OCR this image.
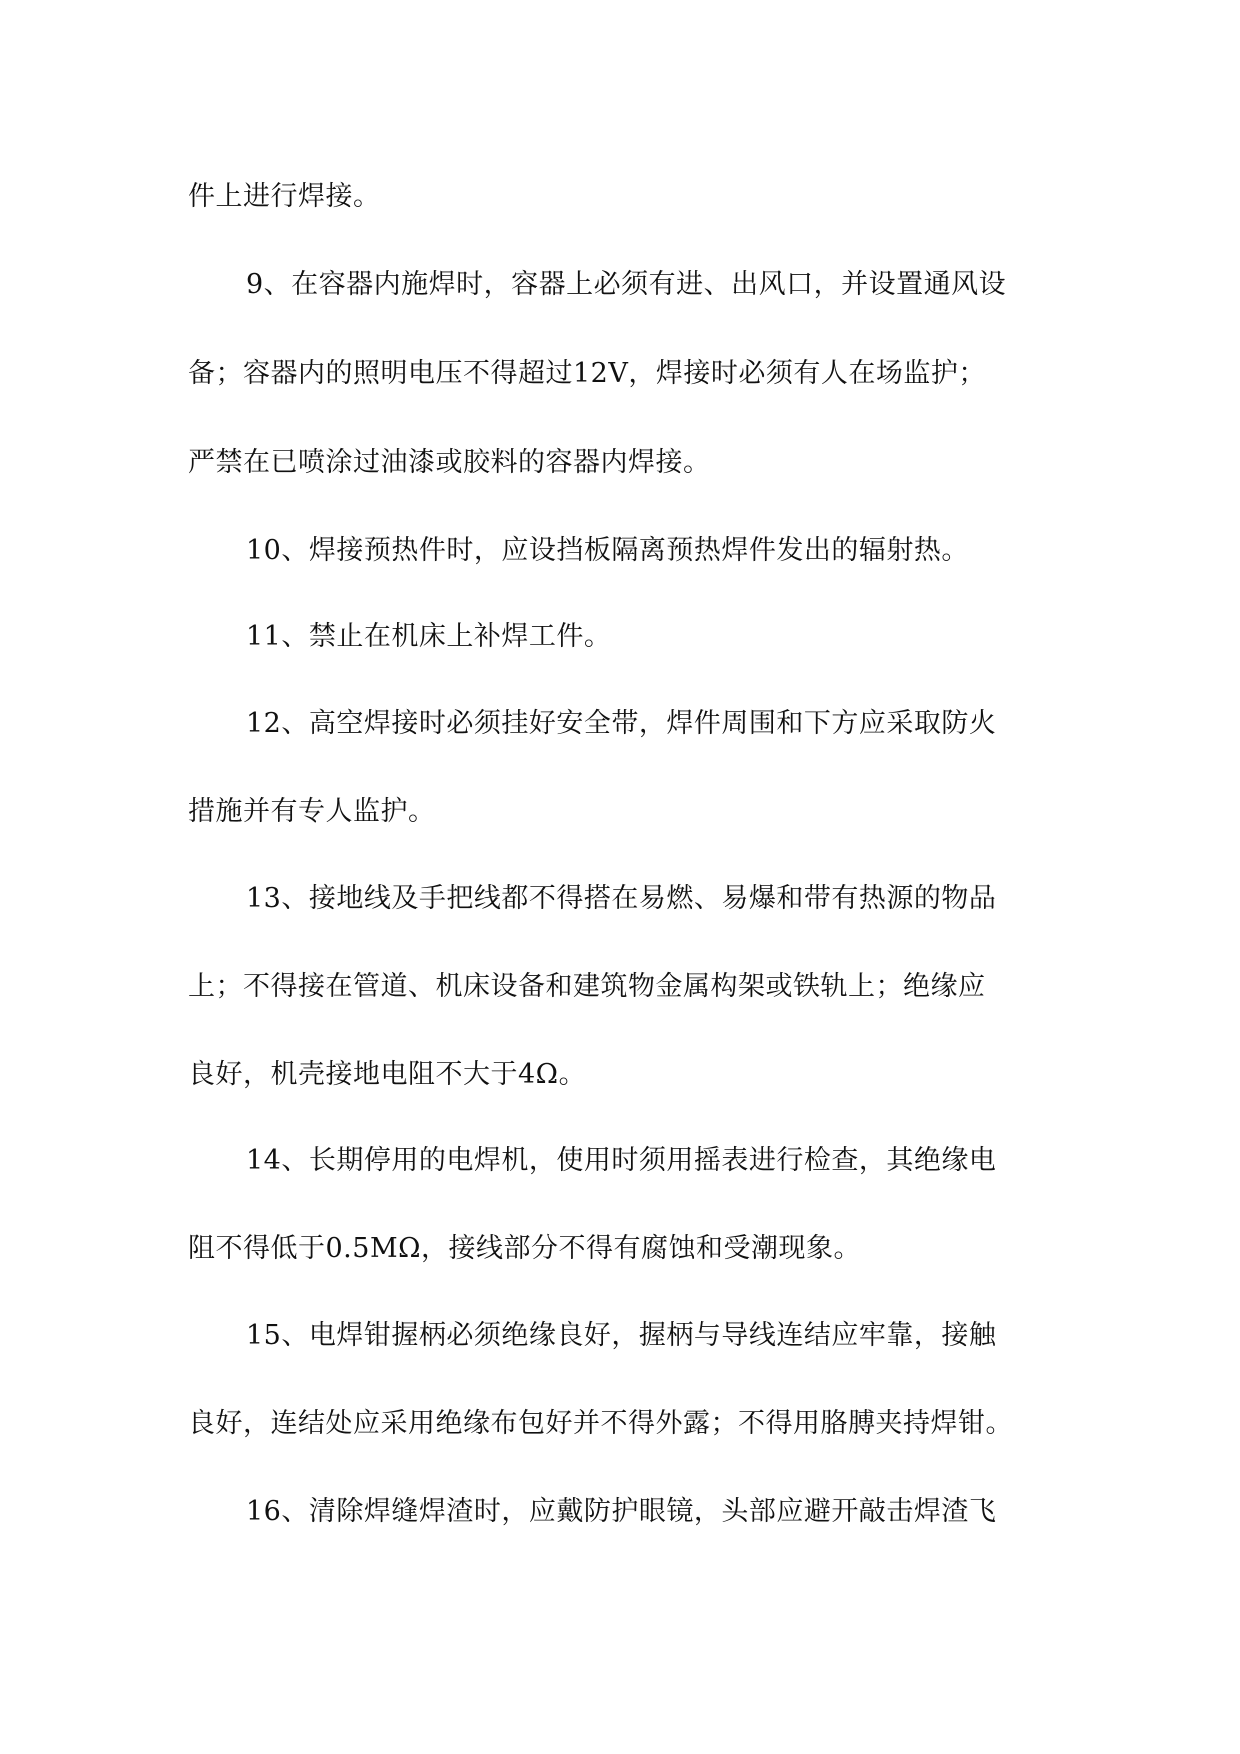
件上进行焊接。
9、在容器内施焊时，容器上必须有进、出风口，并设置通风设
备；容器内的照明电压不得超过12V，焊接时必须有人在场监护；
严禁在已喷涂过油漆或胶料的容器内焊接。
10、焊接预热件时，应设挡板隔离预热焊件发出的辐射热。
11、禁止在机床上补焊工件。
12、高空焊接时必须挂好安全带，焊件周围和下方应采取防火
措施并有专人监护。
13、接地线及手把线都不得搭在易燃、易爆和带有热源的物品
上；不得接在管道、机床设备和建筑物金属构架或铁轨上；绝缘应
良好，机壳接地电阻不大于4Ω。
14、长期停用的电焊机，使用时须用摇表进行检查，其绝缘电
阻不得低于0.5MΩ，接线部分不得有腐蚀和受潮现象。
15、电焊钳握柄必须绝缘良好，握柄与导线连结应牢靠，接触
良好，连结处应采用绝缘布包好并不得外露；不得用胳膊夹持焊钳。
16、清除焊缝焊渣时，应戴防护眼镜，头部应避开敲击焊渣飞
